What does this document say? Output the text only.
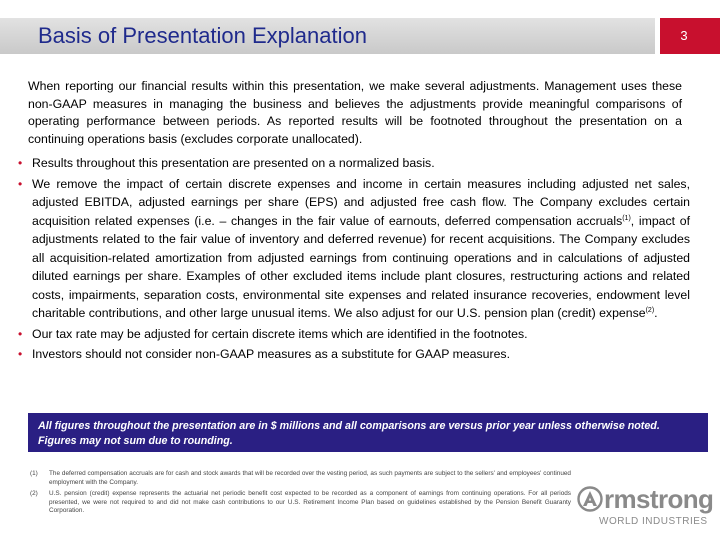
Basis of Presentation Explanation	3
When reporting our financial results within this presentation, we make several adjustments. Management uses these non-GAAP measures in managing the business and believes the adjustments provide meaningful comparisons of operating performance between periods. As reported results will be footnoted throughout the presentation on a continuing operations basis (excludes corporate unallocated).
• Results throughout this presentation are presented on a normalized basis.
• We remove the impact of certain discrete expenses and income in certain measures including adjusted net sales, adjusted EBITDA, adjusted earnings per share (EPS) and adjusted free cash flow. The Company excludes certain acquisition related expenses (i.e. – changes in the fair value of earnouts, deferred compensation accruals$^{(1)}$, impact of adjustments related to the fair value of inventory and deferred revenue) for recent acquisitions. The Company excludes all acquisition-related amortization from adjusted earnings from continuing operations and in calculations of adjusted diluted earnings per share. Examples of other excluded items include plant closures, restructuring actions and related costs, impairments, separation costs, environmental site expenses and related insurance recoveries, endowment level charitable contributions, and other large unusual items. We also adjust for our U.S. pension plan (credit) expense$^{(2)}$.
• Our tax rate may be adjusted for certain discrete items which are identified in the footnotes.
• Investors should not consider non-GAAP measures as a substitute for GAAP measures.
All figures throughout the presentation are in $ millions and all comparisons are versus prior year unless otherwise noted. Figures may not sum due to rounding.
(1) The deferred compensation accruals are for cash and stock awards that will be recorded over the vesting period, as such payments are subject to the sellers' and employees' continued employment with the Company.
(2) U.S. pension (credit) expense represents the actuarial net periodic benefit cost expected to be recorded as a component of earnings from continuing operations. For all periods presented, we were not required to and did not make cash contributions to our U.S. Retirement Income Plan based on guidelines established by the Pension Benefit Guaranty Corporation.	rmstrong
WORLD INDUSTRIES
